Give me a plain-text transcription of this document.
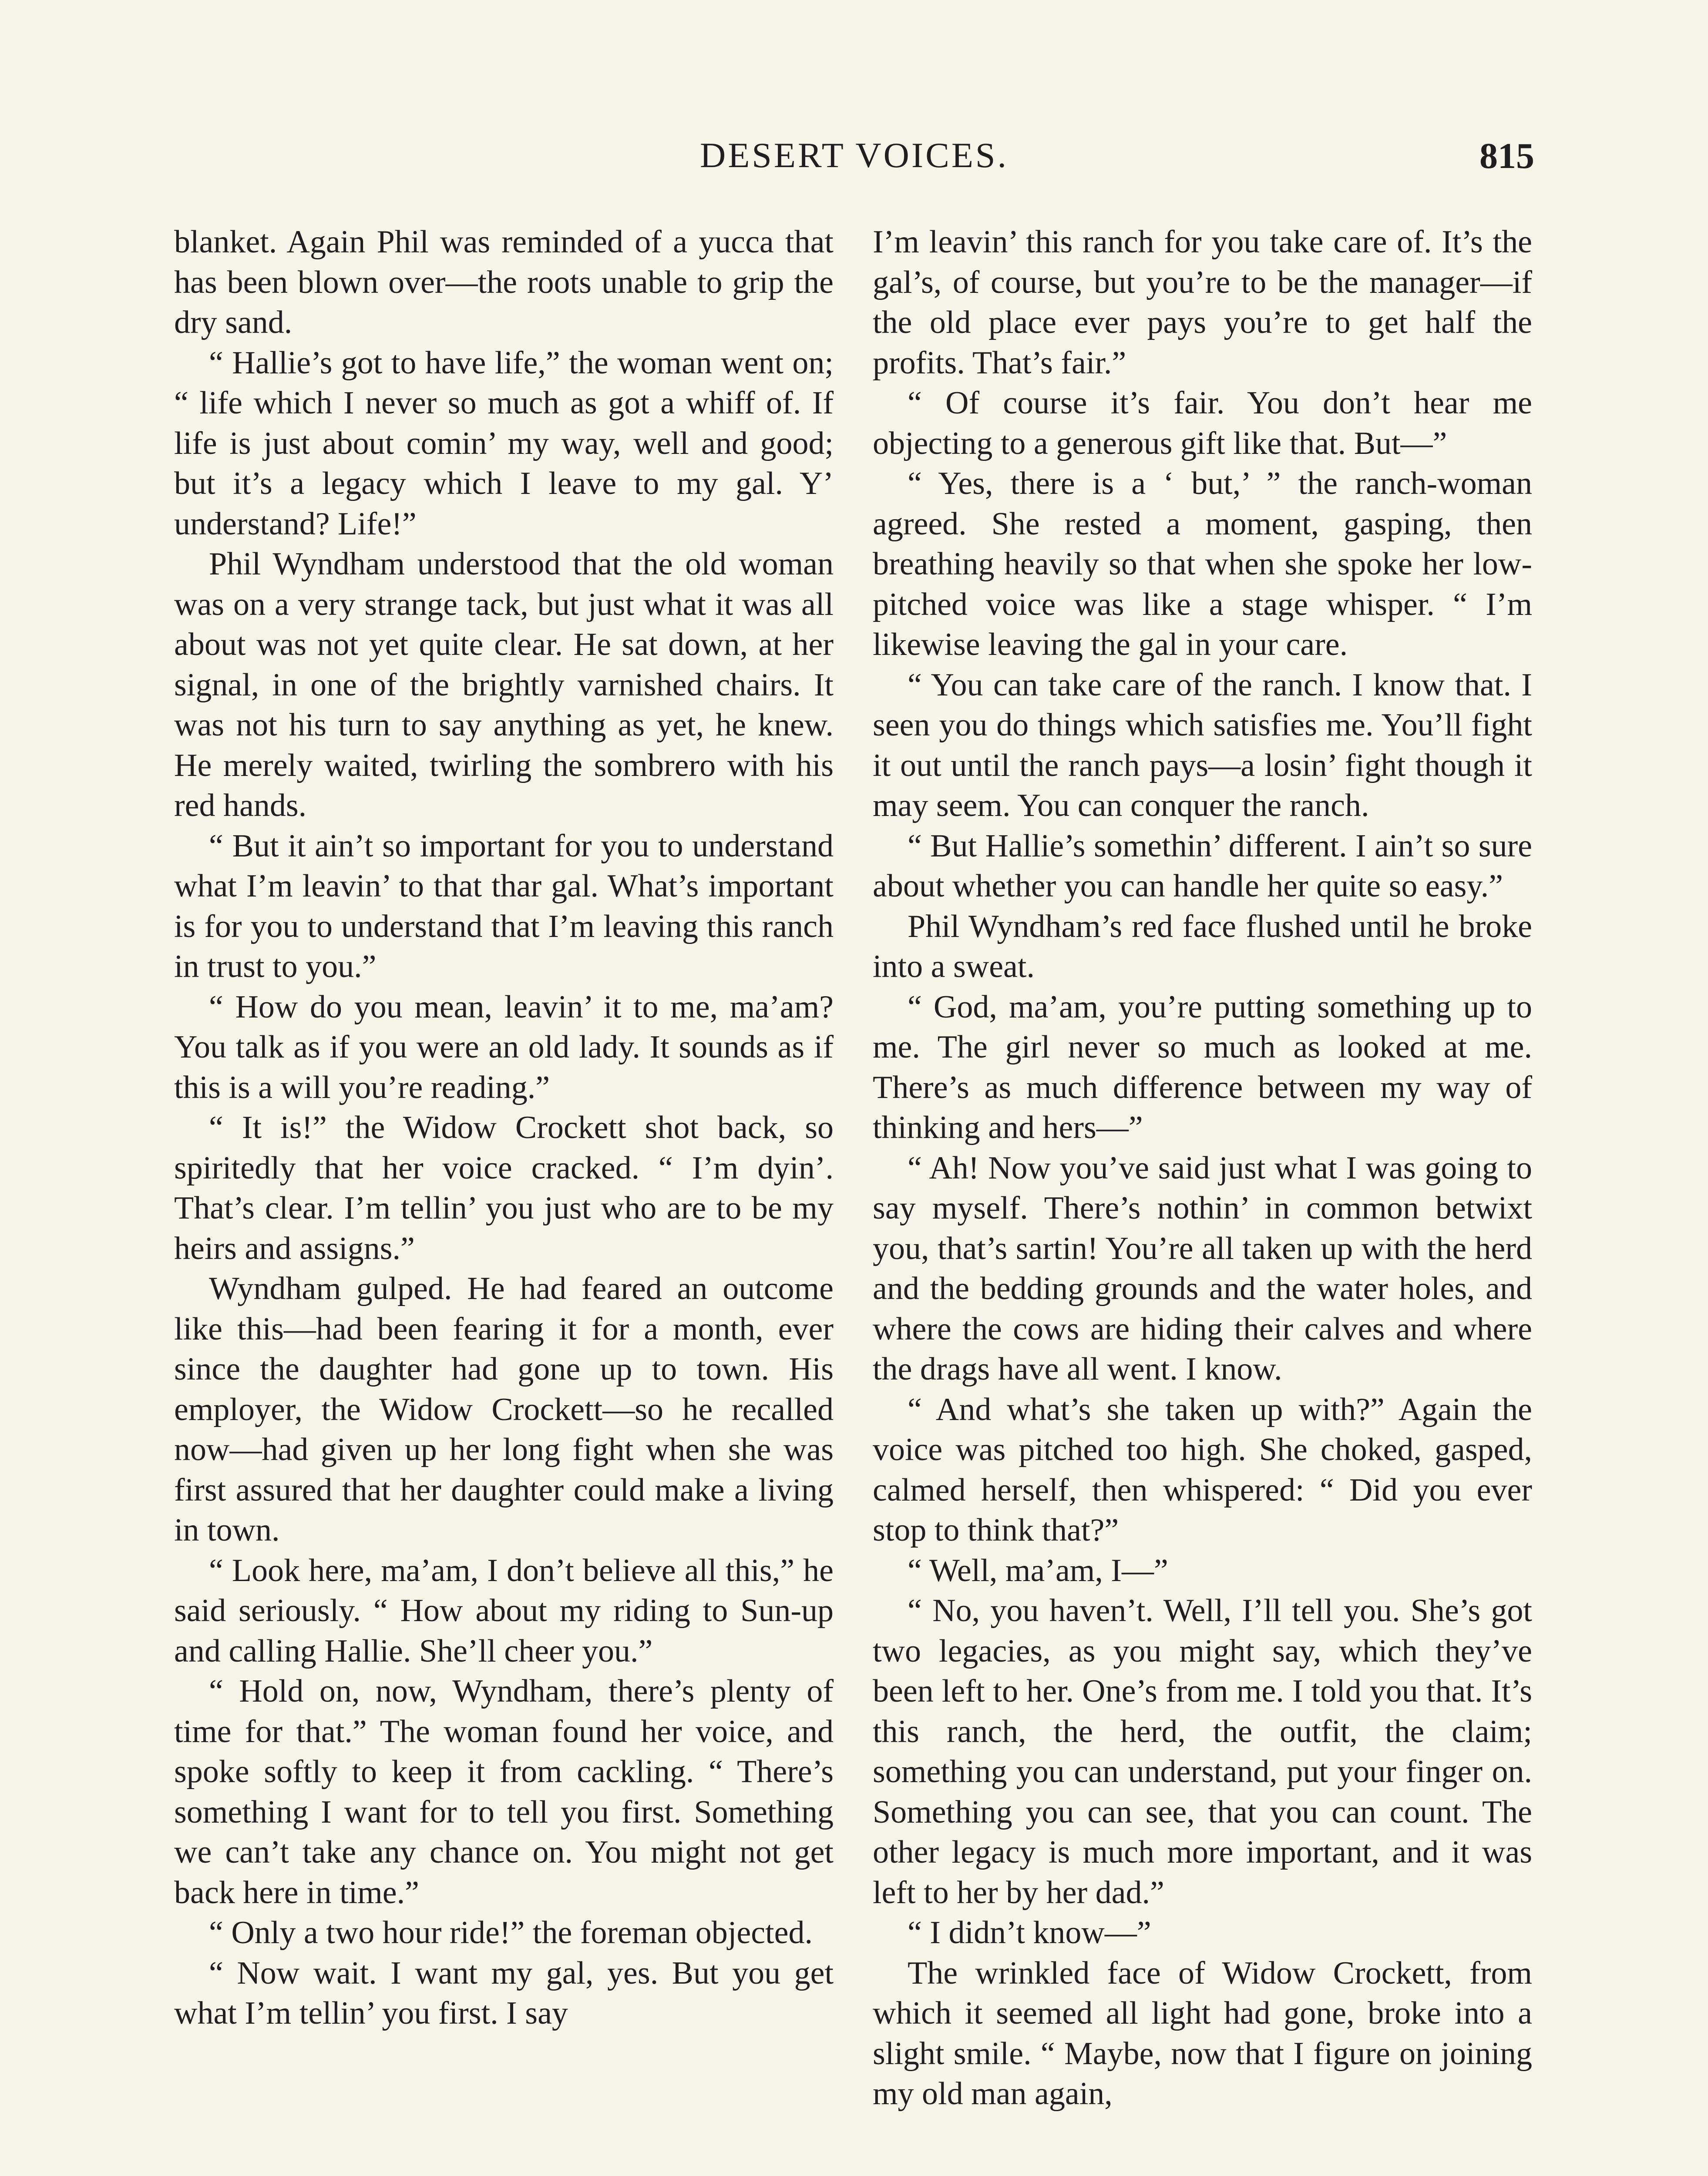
DESERT VOICES.	815

blanket. Again Phil was reminded of a yucca that has been blown over—the roots unable to grip the dry sand.

“ Hallie’s got to have life,” the woman went on; “ life which I never so much as got a whiff of. If life is just about comin’ my way, well and good; but it’s a legacy which I leave to my gal. Y’ understand? Life!”

Phil Wyndham understood that the old woman was on a very strange tack, but just what it was all about was not yet quite clear. He sat down, at her signal, in one of the brightly varnished chairs. It was not his turn to say anything as yet, he knew. He merely waited, twirling the sombrero with his red hands.

“ But it ain’t so important for you to understand what I’m leavin’ to that thar gal. What’s important is for you to understand that I’m leaving this ranch in trust to you.”

“ How do you mean, leavin’ it to me, ma’am? You talk as if you were an old lady. It sounds as if this is a will you’re reading.”

“ It is!” the Widow Crockett shot back, so spiritedly that her voice cracked. “ I’m dyin’. That’s clear. I’m tellin’ you just who are to be my heirs and assigns.”

Wyndham gulped. He had feared an outcome like this—had been fearing it for a month, ever since the daughter had gone up to town. His employer, the Widow Crockett—so he recalled now—had given up her long fight when she was first assured that her daughter could make a living in town.

“ Look here, ma’am, I don’t believe all this,” he said seriously. “ How about my riding to Sun-up and calling Hallie. She’ll cheer you.”

“ Hold on, now, Wyndham, there’s plenty of time for that.” The woman found her voice, and spoke softly to keep it from cackling. “ There’s something I want for to tell you first. Something we can’t take any chance on. You might not get back here in time.”

“ Only a two hour ride!” the foreman objected.

“ Now wait. I want my gal, yes. But you get what I’m tellin’ you first. I say

I’m leavin’ this ranch for you take care of. It’s the gal’s, of course, but you’re to be the manager—if the old place ever pays you’re to get half the profits. That’s fair.”

“ Of course it’s fair. You don’t hear me objecting to a generous gift like that. But—”

“ Yes, there is a ‘ but,’ ” the ranch-woman agreed. She rested a moment, gasping, then breathing heavily so that when she spoke her low-pitched voice was like a stage whisper. “ I’m likewise leaving the gal in your care.

“ You can take care of the ranch. I know that. I seen you do things which satisfies me. You’ll fight it out until the ranch pays—a losin’ fight though it may seem. You can conquer the ranch.

“ But Hallie’s somethin’ different. I ain’t so sure about whether you can handle her quite so easy.”

Phil Wyndham’s red face flushed until he broke into a sweat.

“ God, ma’am, you’re putting something up to me. The girl never so much as looked at me. There’s as much difference between my way of thinking and hers—”

“ Ah! Now you’ve said just what I was going to say myself. There’s nothin’ in common betwixt you, that’s sartin! You’re all taken up with the herd and the bedding grounds and the water holes, and where the cows are hiding their calves and where the drags have all went. I know.

“ And what’s she taken up with?” Again the voice was pitched too high. She choked, gasped, calmed herself, then whispered: “ Did you ever stop to think that?”

“ Well, ma’am, I—”

“ No, you haven’t. Well, I’ll tell you. She’s got two legacies, as you might say, which they’ve been left to her. One’s from me. I told you that. It’s this ranch, the herd, the outfit, the claim; something you can understand, put your finger on. Something you can see, that you can count. The other legacy is much more important, and it was left to her by her dad.”

“ I didn’t know—”

The wrinkled face of Widow Crockett, from which it seemed all light had gone, broke into a slight smile. “ Maybe, now that I figure on joining my old man again,
